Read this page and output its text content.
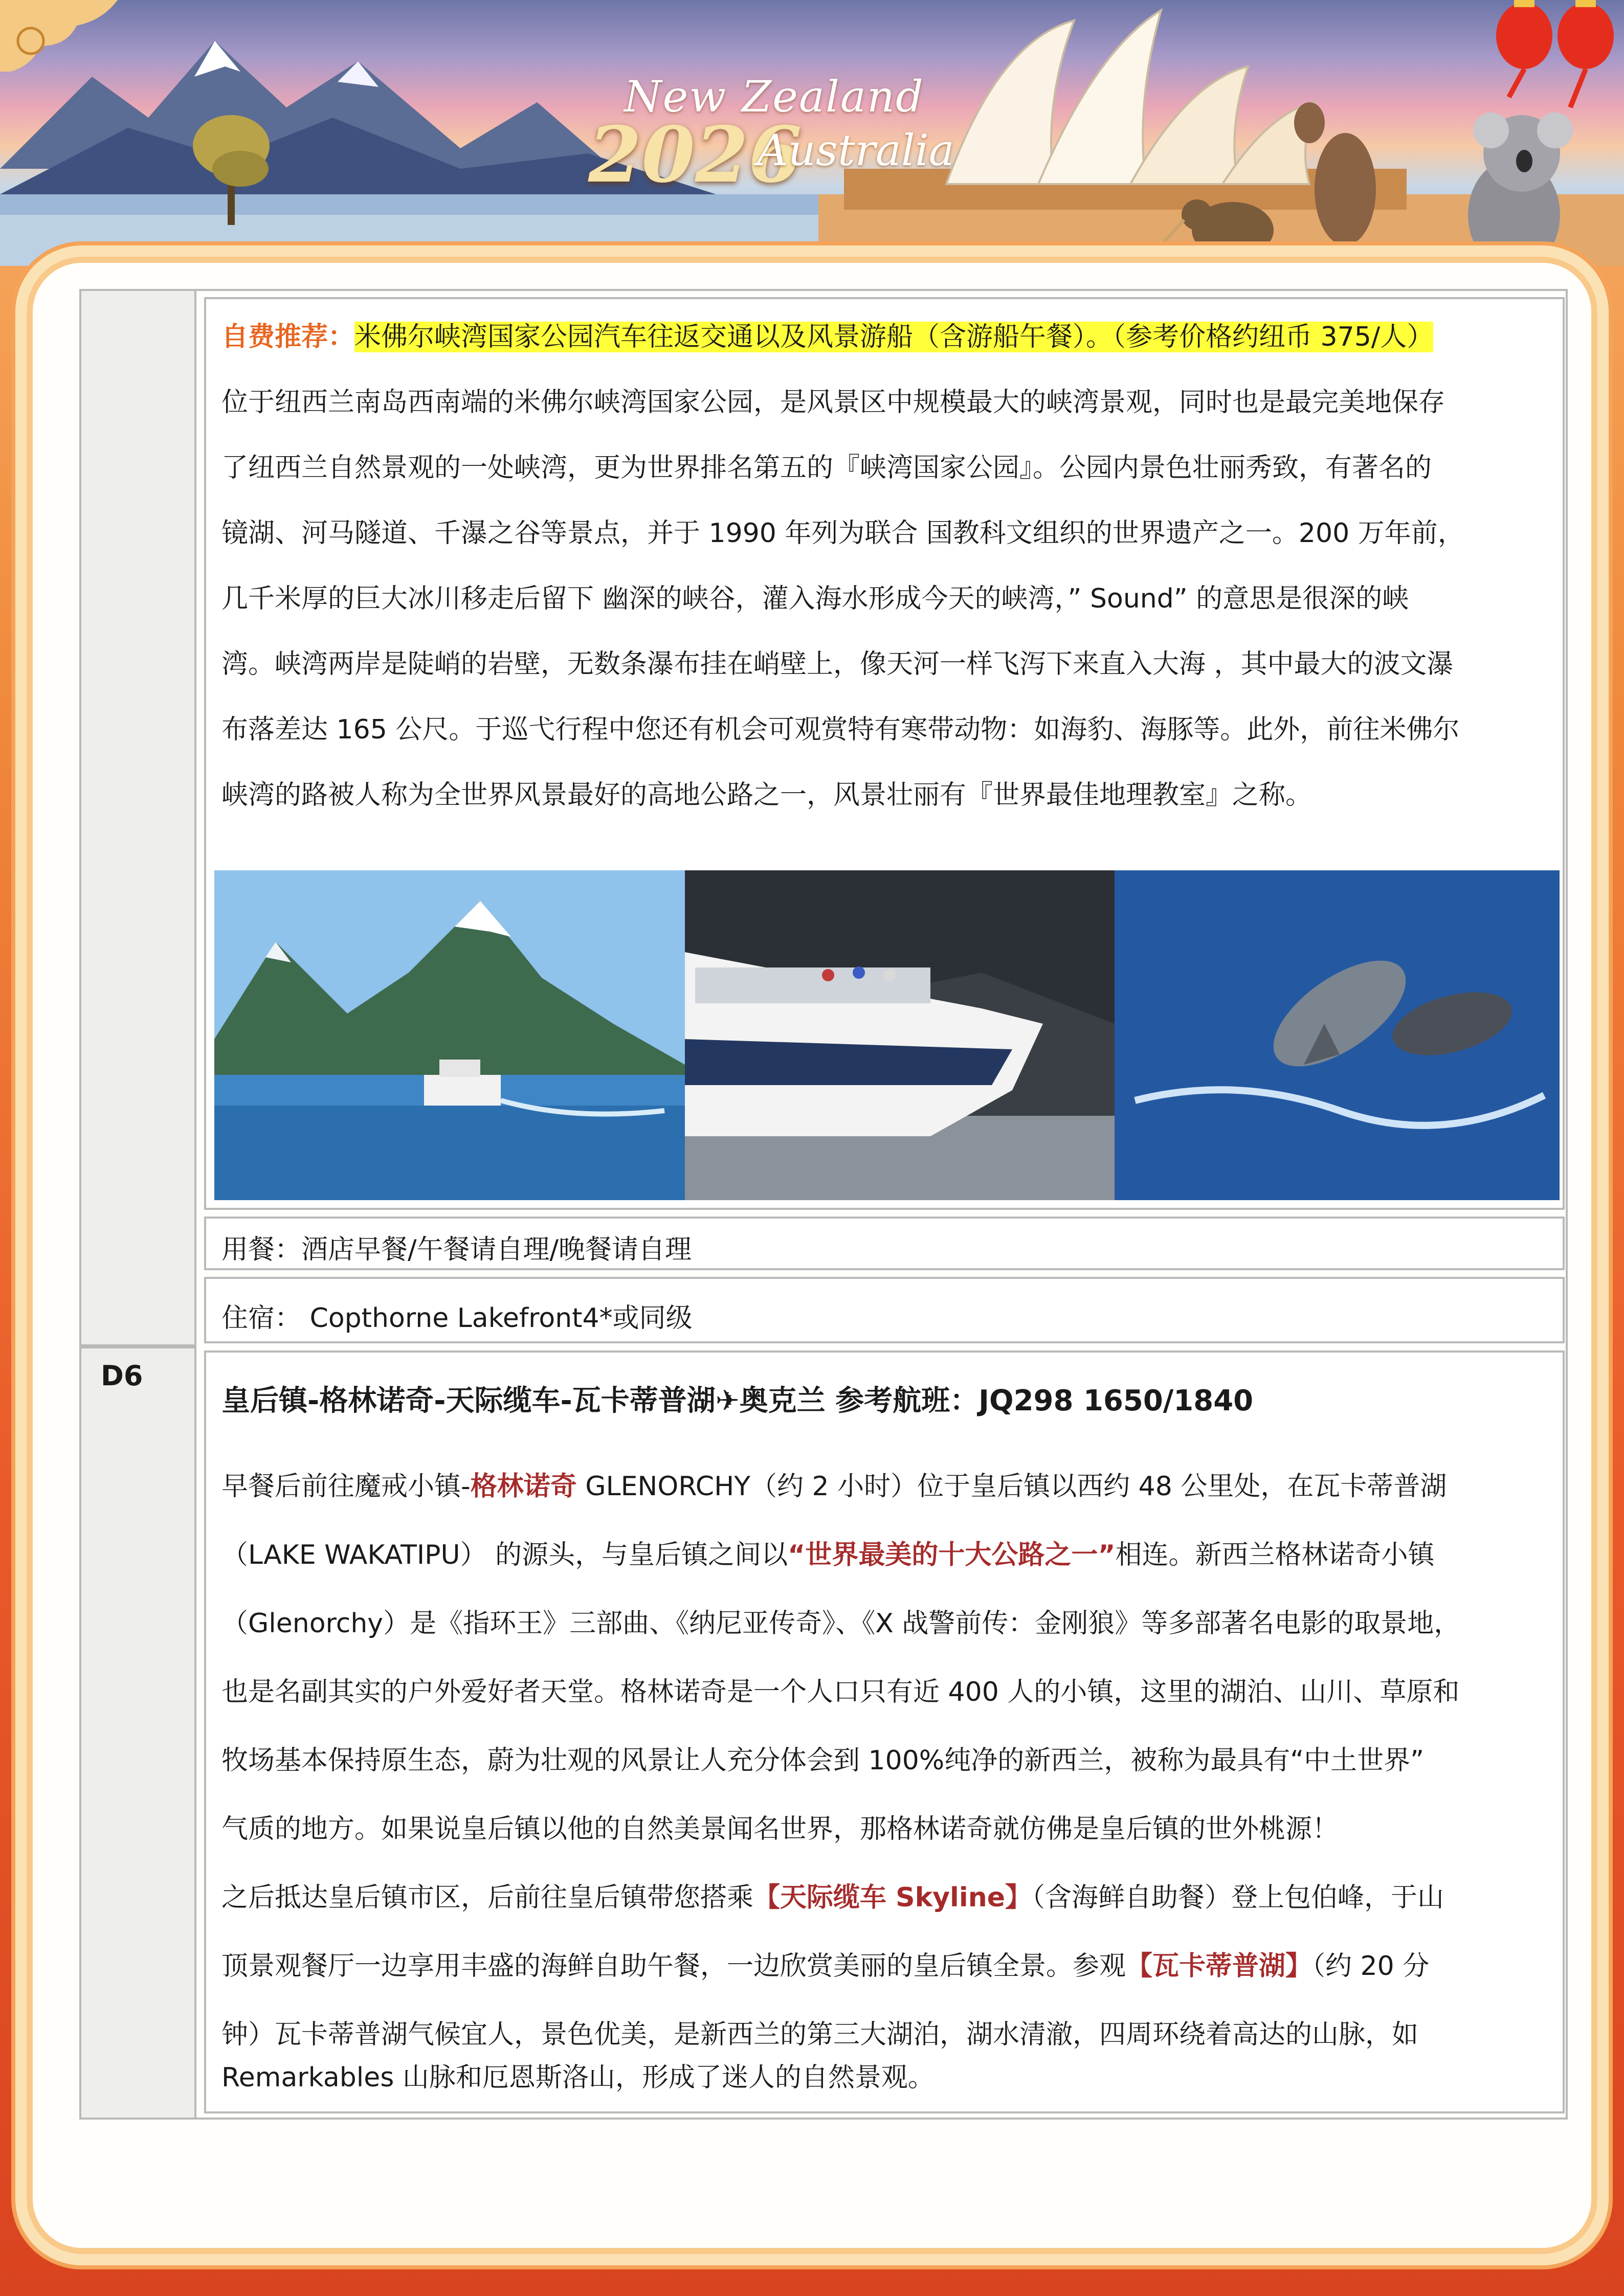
New Zealand
2026
Australia
D6
自费推荐：米佛尔峡湾国家公园汽车往返交通以及风景游船（含游船午餐）。（参考价格约纽币 375/人）
位于纽西兰南岛西南端的米佛尔峡湾国家公园，是风景区中规模最大的峡湾景观，同时也是最完美地保存
了纽西兰自然景观的一处峡湾，更为世界排名第五的『峡湾国家公园』。公园内景色壮丽秀致，有著名的
镜湖、河马隧道、千瀑之谷等景点，并于 1990 年列为联合 国教科文组织的世界遗产之一。200 万年前，
几千米厚的巨大冰川移走后留下 幽深的峡谷，灌入海水形成今天的峡湾，” Sound” 的意思是很深的峡
湾。峡湾两岸是陡峭的岩壁，无数条瀑布挂在峭壁上，像天河一样飞泻下来直入大海 ，其中最大的波文瀑
布落差达 165 公尺。于巡弋行程中您还有机会可观赏特有寒带动物：如海豹、海豚等。此外，前往米佛尔
峡湾的路被人称为全世界风景最好的高地公路之一，风景壮丽有『世界最佳地理教室』之称。
用餐：酒店早餐/午餐请自理/晚餐请自理
住宿： Copthorne Lakefront4*或同级
皇后镇-格林诺奇-天际缆车-瓦卡蒂普湖✈奥克兰 参考航班：JQ298 1650/1840
早餐后前往魔戒小镇-格林诺奇 GLENORCHY（约 2 小时）位于皇后镇以西约 48 公里处，在瓦卡蒂普湖
（LAKE WAKATIPU） 的源头，与皇后镇之间以“世界最美的十大公路之一”相连。新西兰格林诺奇小镇
（Glenorchy）是《指环王》三部曲、《纳尼亚传奇》、《X 战警前传：金刚狼》等多部著名电影的取景地，
也是名副其实的户外爱好者天堂。格林诺奇是一个人口只有近 400 人的小镇，这里的湖泊、山川、草原和
牧场基本保持原生态，蔚为壮观的风景让人充分体会到 100%纯净的新西兰，被称为最具有“中土世界”
气质的地方。如果说皇后镇以他的自然美景闻名世界，那格林诺奇就仿佛是皇后镇的世外桃源！
之后抵达皇后镇市区，后前往皇后镇带您搭乘【天际缆车 Skyline】（含海鲜自助餐）登上包伯峰，于山
顶景观餐厅一边享用丰盛的海鲜自助午餐，一边欣赏美丽的皇后镇全景。参观【瓦卡蒂普湖】（约 20 分
钟）瓦卡蒂普湖气候宜人，景色优美，是新西兰的第三大湖泊，湖水清澈，四周环绕着高达的山脉，如
Remarkables 山脉和厄恩斯洛山，形成了迷人的自然景观。
